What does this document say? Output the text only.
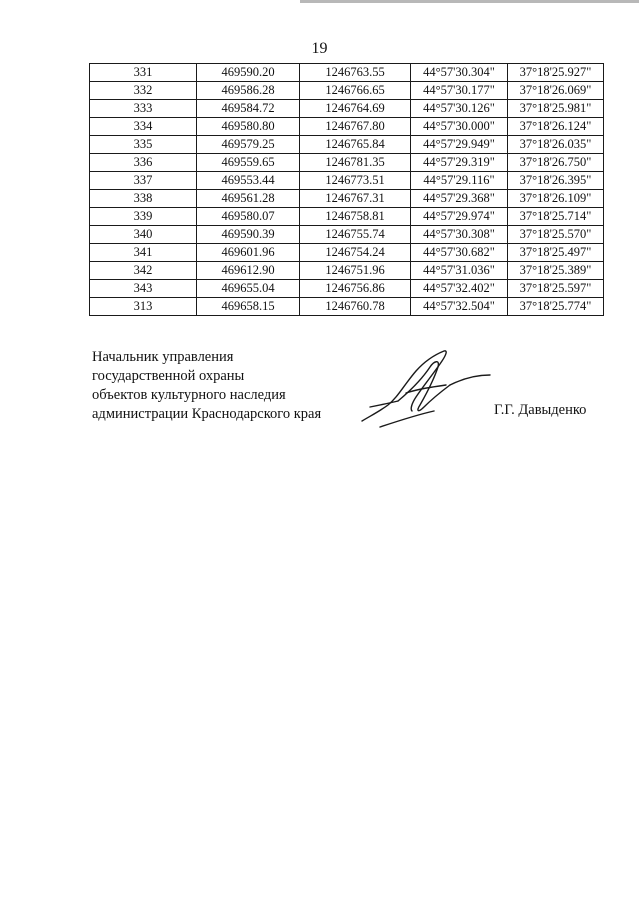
19
331	469590.20	1246763.55	44°57'30.304"	37°18'25.927"
332	469586.28	1246766.65	44°57'30.177"	37°18'26.069"
333	469584.72	1246764.69	44°57'30.126"	37°18'25.981"
334	469580.80	1246767.80	44°57'30.000"	37°18'26.124"
335	469579.25	1246765.84	44°57'29.949"	37°18'26.035"
336	469559.65	1246781.35	44°57'29.319"	37°18'26.750"
337	469553.44	1246773.51	44°57'29.116"	37°18'26.395"
338	469561.28	1246767.31	44°57'29.368"	37°18'26.109"
339	469580.07	1246758.81	44°57'29.974"	37°18'25.714"
340	469590.39	1246755.74	44°57'30.308"	37°18'25.570"
341	469601.96	1246754.24	44°57'30.682"	37°18'25.497"
342	469612.90	1246751.96	44°57'31.036"	37°18'25.389"
343	469655.04	1246756.86	44°57'32.402"	37°18'25.597"
313	469658.15	1246760.78	44°57'32.504"	37°18'25.774"
Начальник управления
государственной охраны
объектов культурного наследия
администрации Краснодарского края	Г.Г. Давыденко
